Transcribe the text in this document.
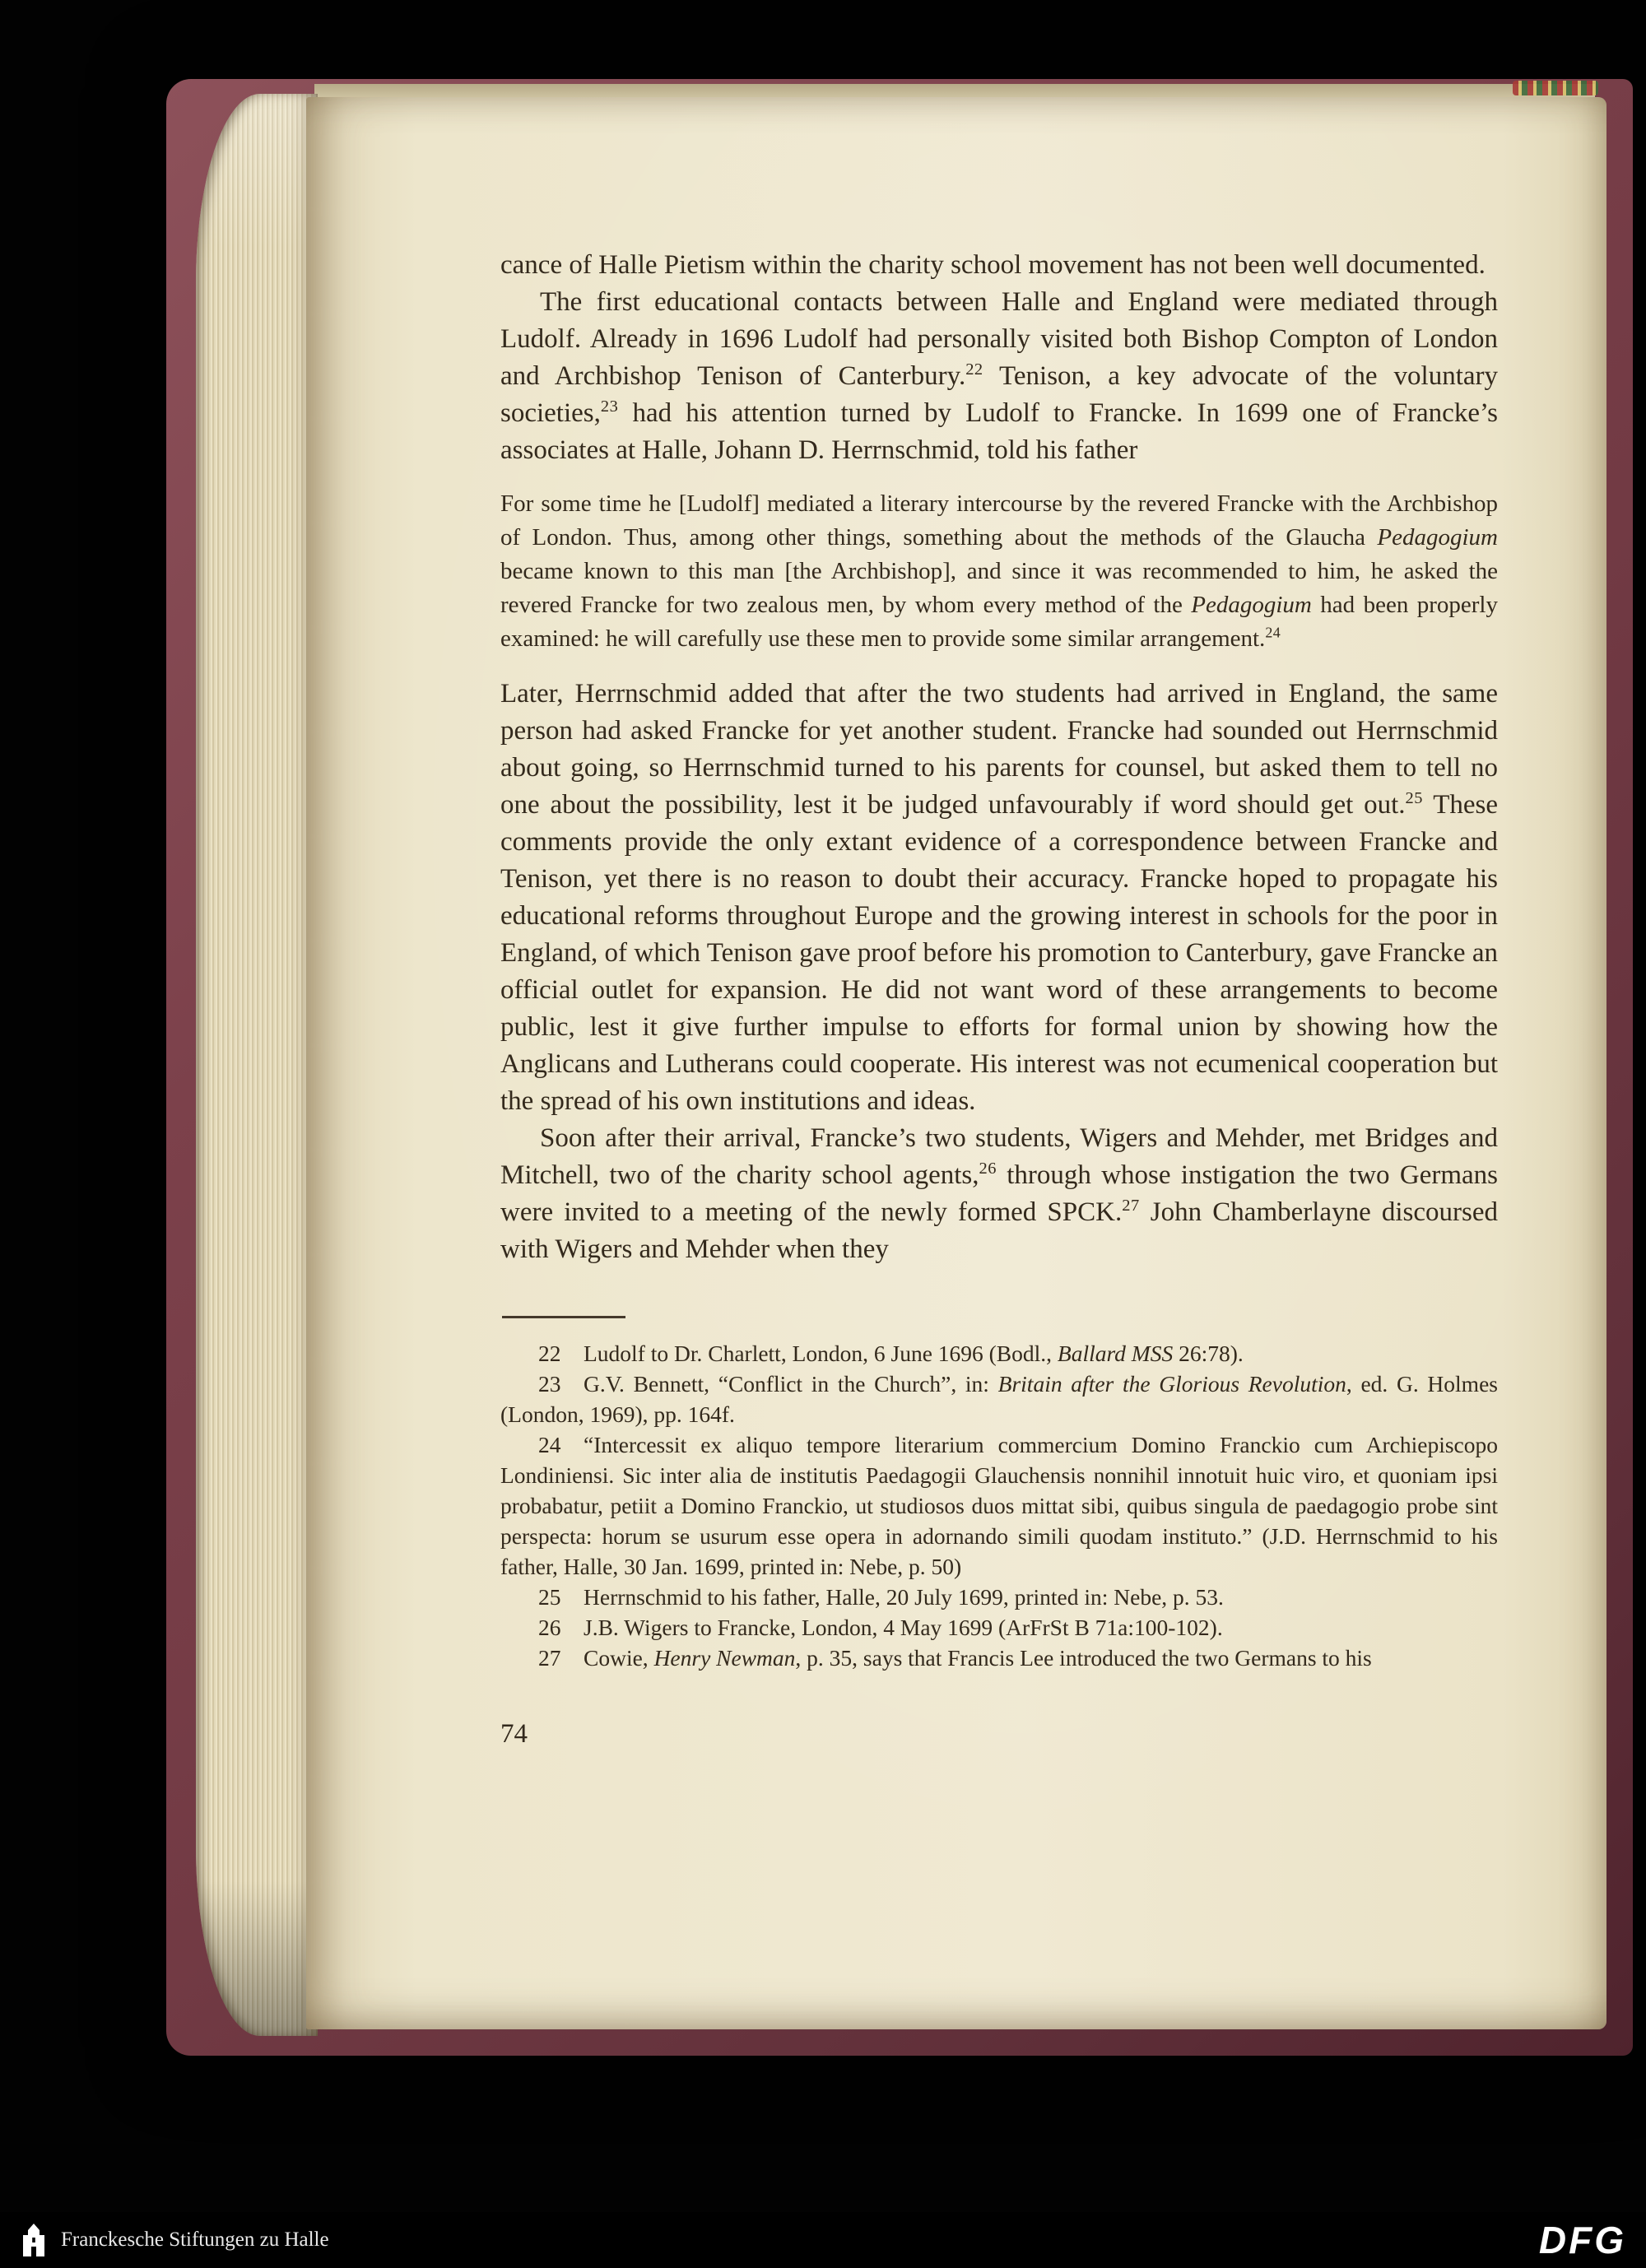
cance of Halle Pietism within the charity school movement has not been well documented.

The first educational contacts between Halle and England were mediated through Ludolf. Already in 1696 Ludolf had personally visited both Bishop Compton of London and Archbishop Tenison of Canterbury.$^{22}$ Tenison, a key advocate of the voluntary societies,$^{23}$ had his attention turned by Ludolf to Francke. In 1699 one of Francke’s associates at Halle, Johann D. Herrnschmid, told his father

For some time he [Ludolf] mediated a literary intercourse by the revered Francke with the Archbishop of London. Thus, among other things, something about the methods of the Glaucha Pedagogium became known to this man [the Archbishop], and since it was recommended to him, he asked the revered Francke for two zealous men, by whom every method of the Pedagogium had been properly examined: he will carefully use these men to provide some similar arrangement.$^{24}$

Later, Herrnschmid added that after the two students had arrived in England, the same person had asked Francke for yet another student. Francke had sounded out Herrnschmid about going, so Herrnschmid turned to his parents for counsel, but asked them to tell no one about the possibility, lest it be judged unfavourably if word should get out.$^{25}$ These comments provide the only extant evidence of a correspondence between Francke and Tenison, yet there is no reason to doubt their accuracy. Francke hoped to propagate his educational reforms throughout Europe and the growing interest in schools for the poor in England, of which Tenison gave proof before his promotion to Canterbury, gave Francke an official outlet for expansion. He did not want word of these arrangements to become public, lest it give further impulse to efforts for formal union by showing how the Anglicans and Lutherans could cooperate. His interest was not ecumenical cooperation but the spread of his own institutions and ideas.

Soon after their arrival, Francke’s two students, Wigers and Mehder, met Bridges and Mitchell, two of the charity school agents,$^{26}$ through whose instigation the two Germans were invited to a meeting of the newly formed SPCK.$^{27}$ John Chamberlayne discoursed with Wigers and Mehder when they

22 Ludolf to Dr. Charlett, London, 6 June 1696 (Bodl., Ballard MSS 26:78).

23 G.V. Bennett, “Conflict in the Church”, in: Britain after the Glorious Revolution, ed. G. Holmes (London, 1969), pp. 164f.

24 “Intercessit ex aliquo tempore literarium commercium Domino Franckio cum Archiepiscopo Londiniensi. Sic inter alia de institutis Paedagogii Glauchensis nonnihil innotuit huic viro, et quoniam ipsi probabatur, petiit a Domino Franckio, ut studiosos duos mittat sibi, quibus singula de paedagogio probe sint perspecta: horum se usurum esse opera in adornando simili quodam instituto.” (J.D. Herrnschmid to his father, Halle, 30 Jan. 1699, printed in: Nebe, p. 50)

25 Herrnschmid to his father, Halle, 20 July 1699, printed in: Nebe, p. 53.

26 J.B. Wigers to Francke, London, 4 May 1699 (ArFrSt B 71a:100-102).

27 Cowie, Henry Newman, p. 35, says that Francis Lee introduced the two Germans to his

74

Franckesche Stiftungen zu Halle	DFG
